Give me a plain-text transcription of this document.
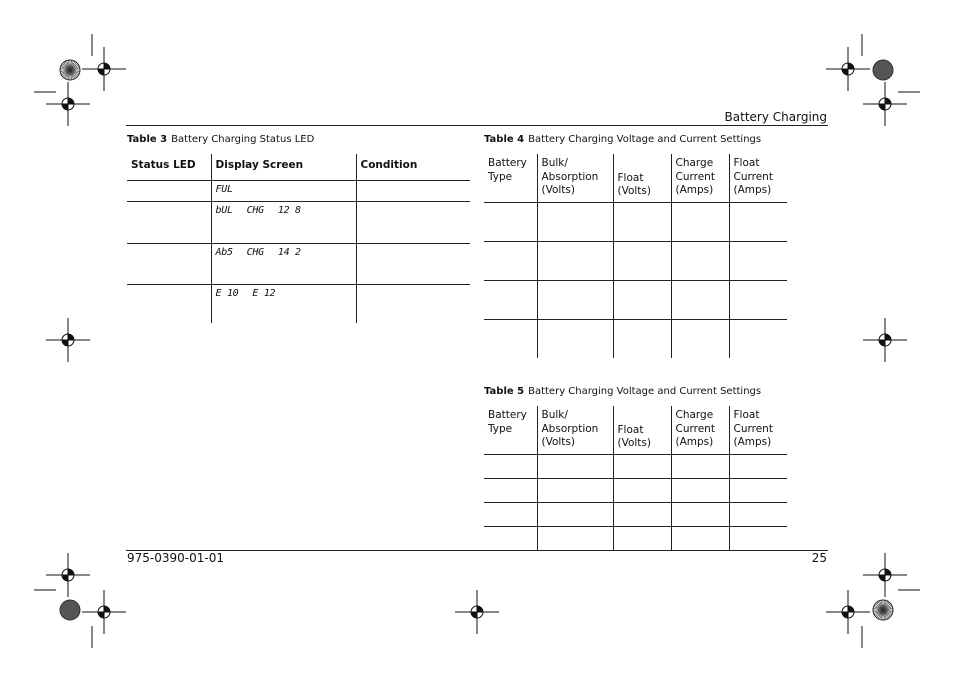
Battery Charging
Table 3 Battery Charging Status LED
Status LED	Display Screen	Condition

	FUL	

	bUL CHG 12 8	

	Ab5 CHG 14 2	

	E 10 E 12	

Table 4 Battery Charging Voltage and Current Settings
Battery Type	Bulk/ Absorption (Volts)	Float (Volts)	Charge Current (Amps)	Float Current (Amps)

Table 5 Battery Charging Voltage and Current Settings
Battery Type	Bulk/ Absorption (Volts)	Float (Volts)	Charge Current (Amps)	Float Current (Amps)

975-0390-01-01	25
